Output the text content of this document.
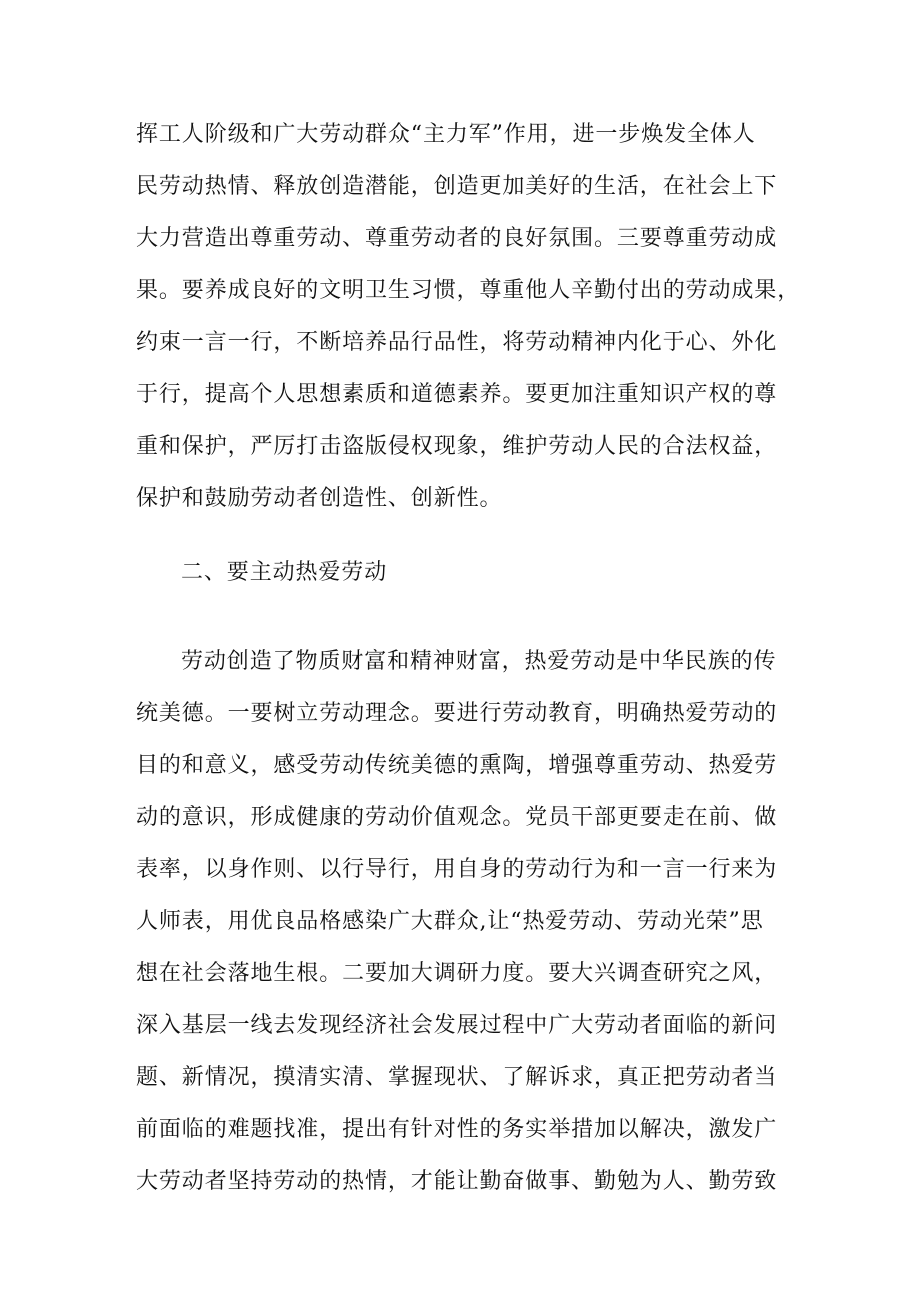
挥工人阶级和广大劳动群众“主力军”作用，进一步焕发全体人
民劳动热情、释放创造潜能，创造更加美好的生活，在社会上下
大力营造出尊重劳动、尊重劳动者的良好氛围。三要尊重劳动成
果。要养成良好的文明卫生习惯，尊重他人辛勤付出的劳动成果，
约束一言一行，不断培养品行品性，将劳动精神内化于心、外化
于行，提高个人思想素质和道德素养。要更加注重知识产权的尊
重和保护，严厉打击盗版侵权现象，维护劳动人民的合法权益，
保护和鼓励劳动者创造性、创新性。
二、要主动热爱劳动
劳动创造了物质财富和精神财富，热爱劳动是中华民族的传
统美德。一要树立劳动理念。要进行劳动教育，明确热爱劳动的
目的和意义，感受劳动传统美德的熏陶，增强尊重劳动、热爱劳
动的意识，形成健康的劳动价值观念。党员干部更要走在前、做
表率，以身作则、以行导行，用自身的劳动行为和一言一行来为
人师表，用优良品格感染广大群众,让“热爱劳动、劳动光荣”思
想在社会落地生根。二要加大调研力度。要大兴调查研究之风，
深入基层一线去发现经济社会发展过程中广大劳动者面临的新问
题、新情况，摸清实清、掌握现状、了解诉求，真正把劳动者当
前面临的难题找准，提出有针对性的务实举措加以解决，激发广
大劳动者坚持劳动的热情，才能让勤奋做事、勤勉为人、勤劳致
